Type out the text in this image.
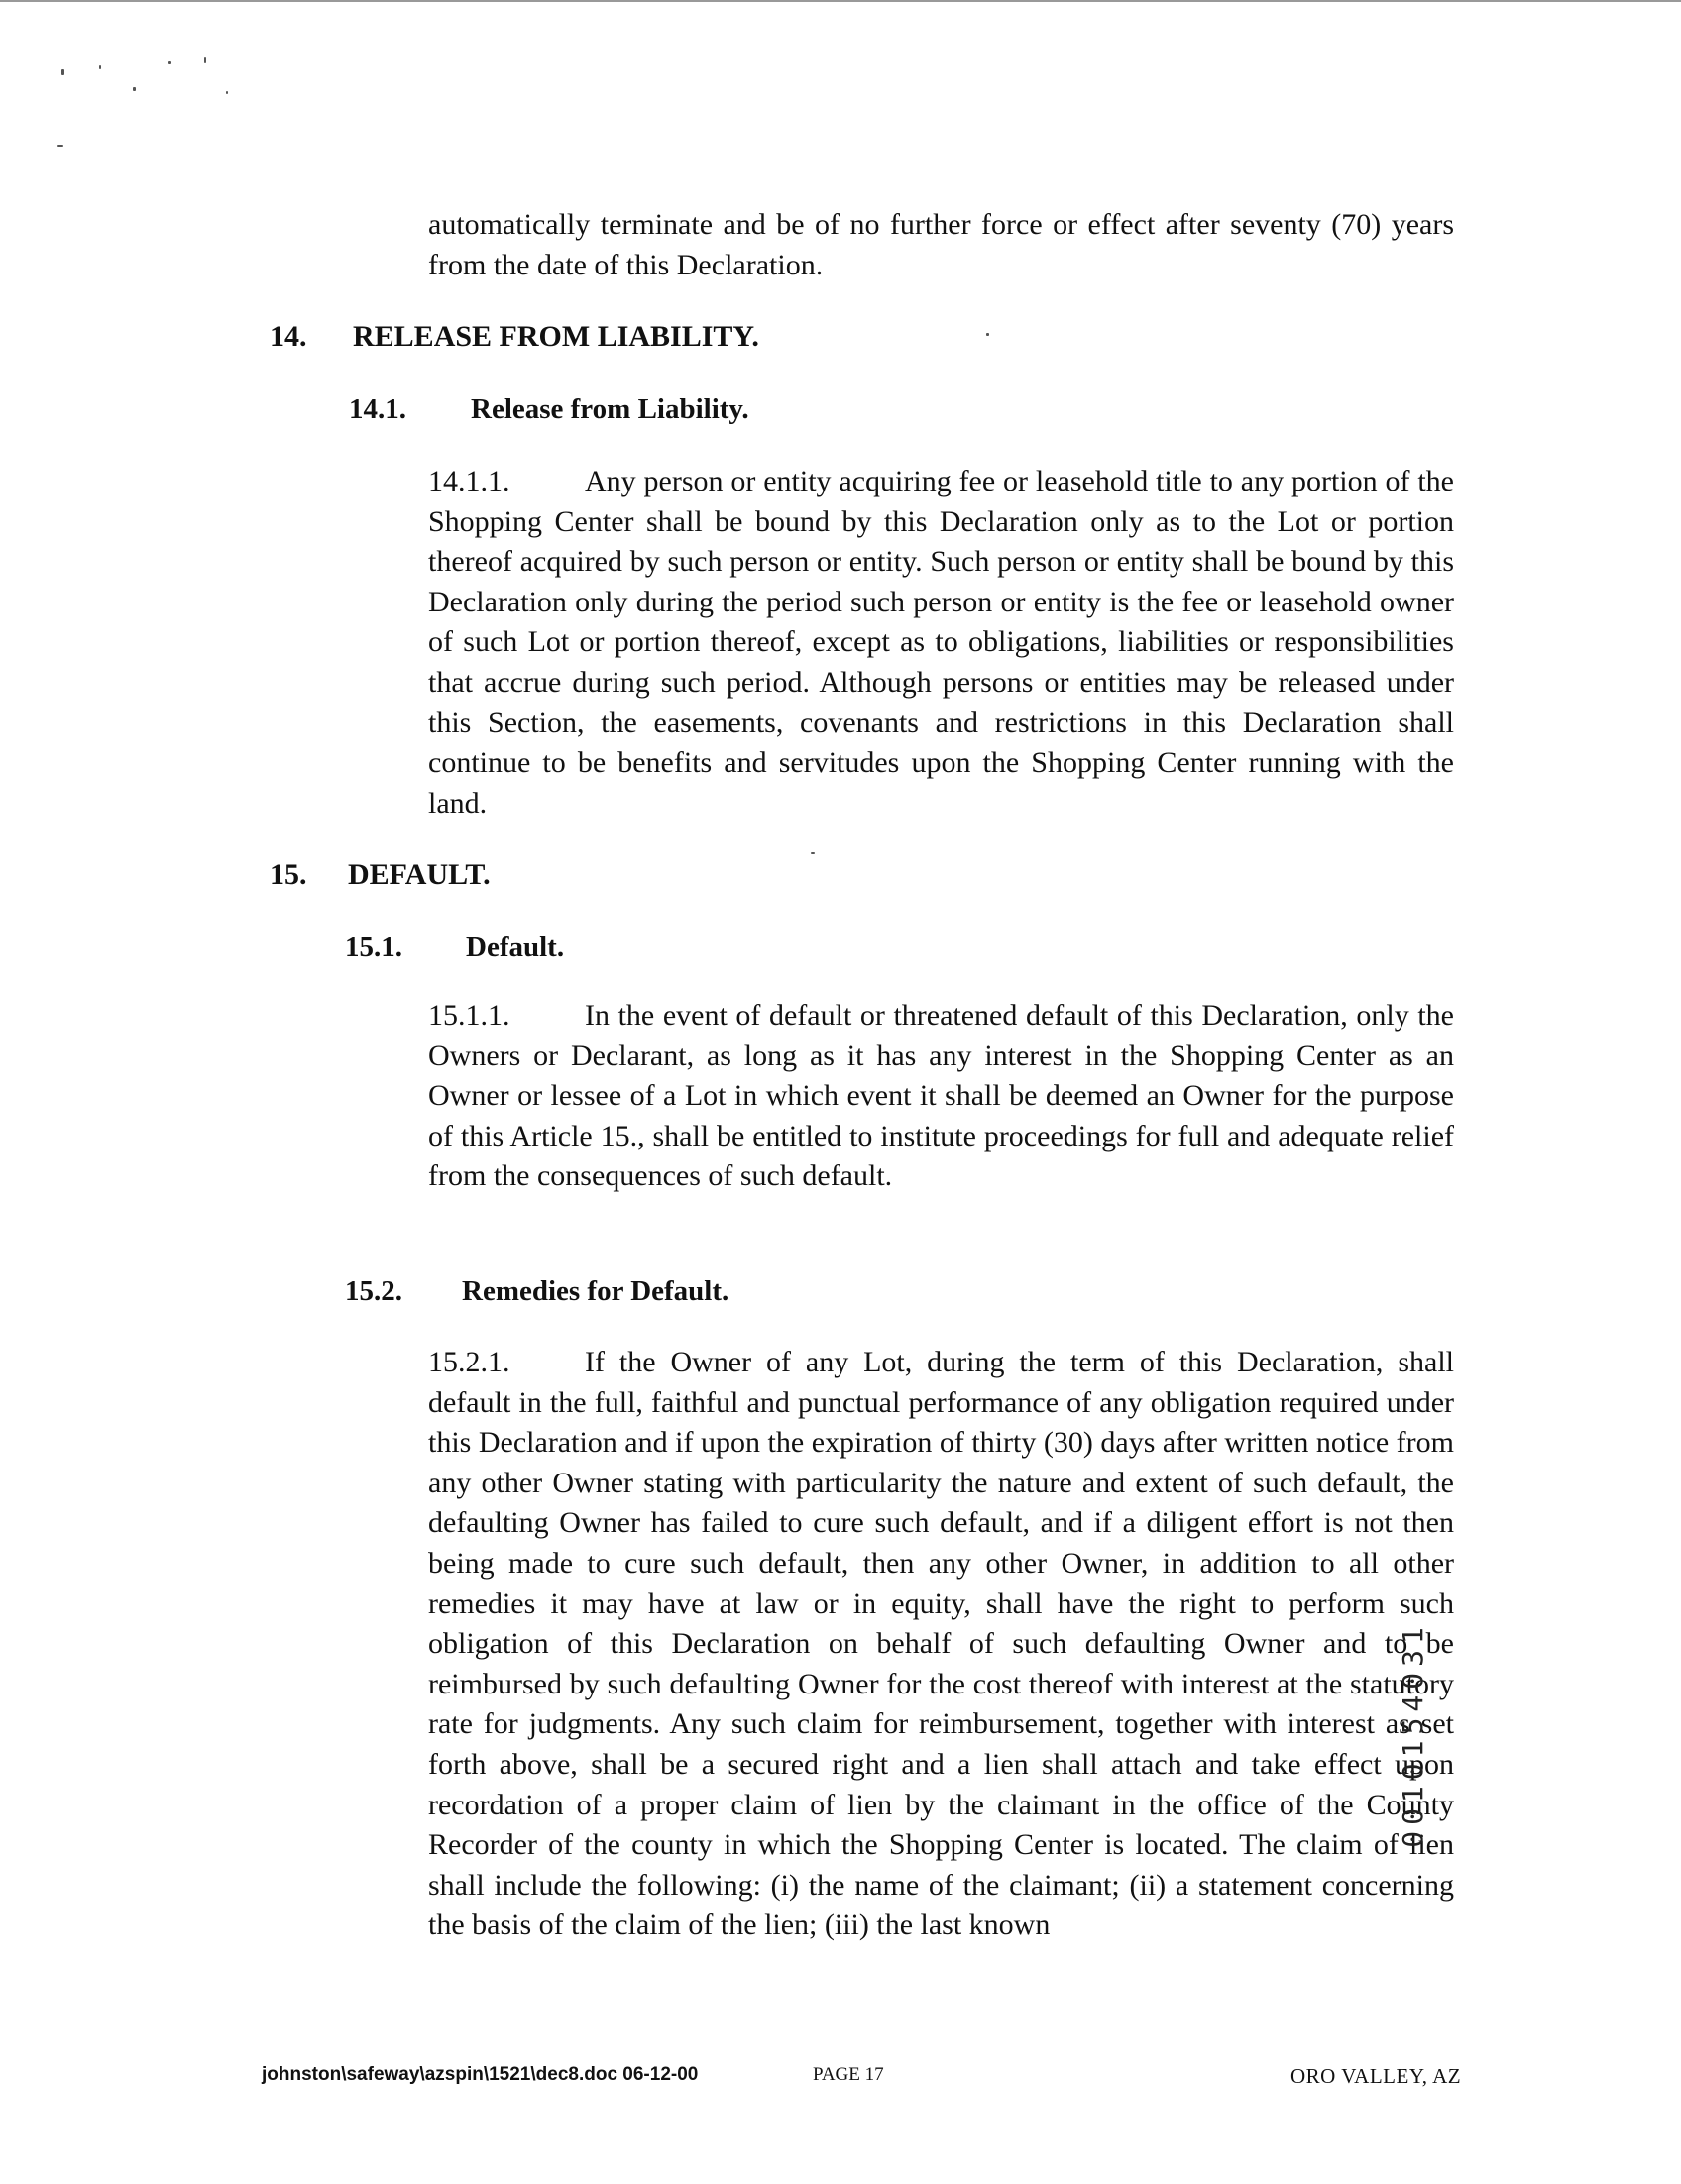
automatically terminate and be of no further force or effect after seventy (70) years from the date of this Declaration.

14. RELEASE FROM LIABILITY.
14.1. Release from Liability.

14.1.1.	Any person or entity acquiring fee or leasehold title to any portion of the Shopping Center shall be bound by this Declaration only as to the Lot or portion thereof acquired by such person or entity. Such person or entity shall be bound by this Declaration only during the period such person or entity is the fee or leasehold owner of such Lot or portion thereof, except as to obligations, liabilities or responsibilities that accrue during such period. Although persons or entities may be released under this Section, the easements, covenants and restrictions in this Declaration shall continue to be benefits and servitudes upon the Shopping Center running with the land.

15. DEFAULT.
15.1. Default.

15.1.1.	In the event of default or threatened default of this Declaration, only the Owners or Declarant, as long as it has any interest in the Shopping Center as an Owner or lessee of a Lot in which event it shall be deemed an Owner for the purpose of this Article 15., shall be entitled to institute proceedings for full and adequate relief from the consequences of such default.

15.2. Remedies for Default.

15.2.1.	If the Owner of any Lot, during the term of this Declaration, shall default in the full, faithful and punctual performance of any obligation required under this Declaration and if upon the expiration of thirty (30) days after written notice from any other Owner stating with particularity the nature and extent of such default, the defaulting Owner has failed to cure such default, and if a diligent effort is not then being made to cure such default, then any other Owner, in addition to all other remedies it may have at law or in equity, shall have the right to perform such obligation of this Declaration on behalf of such defaulting Owner and to be reimbursed by such defaulting Owner for the cost thereof with interest at the statutory rate for judgments. Any such claim for reimbursement, together with interest as set forth above, shall be a secured right and a lien shall attach and take effect upon recordation of a proper claim of lien by the claimant in the office of the County Recorder of the county in which the Shopping Center is located. The claim of lien shall include the following: (i) the name of the claimant; (ii) a statement concerning the basis of the claim of the lien; (iii) the last known

0010154031
johnston\safeway\azspin\1521\dec8.doc 06-12-00	PAGE 17	ORO VALLEY, AZ
